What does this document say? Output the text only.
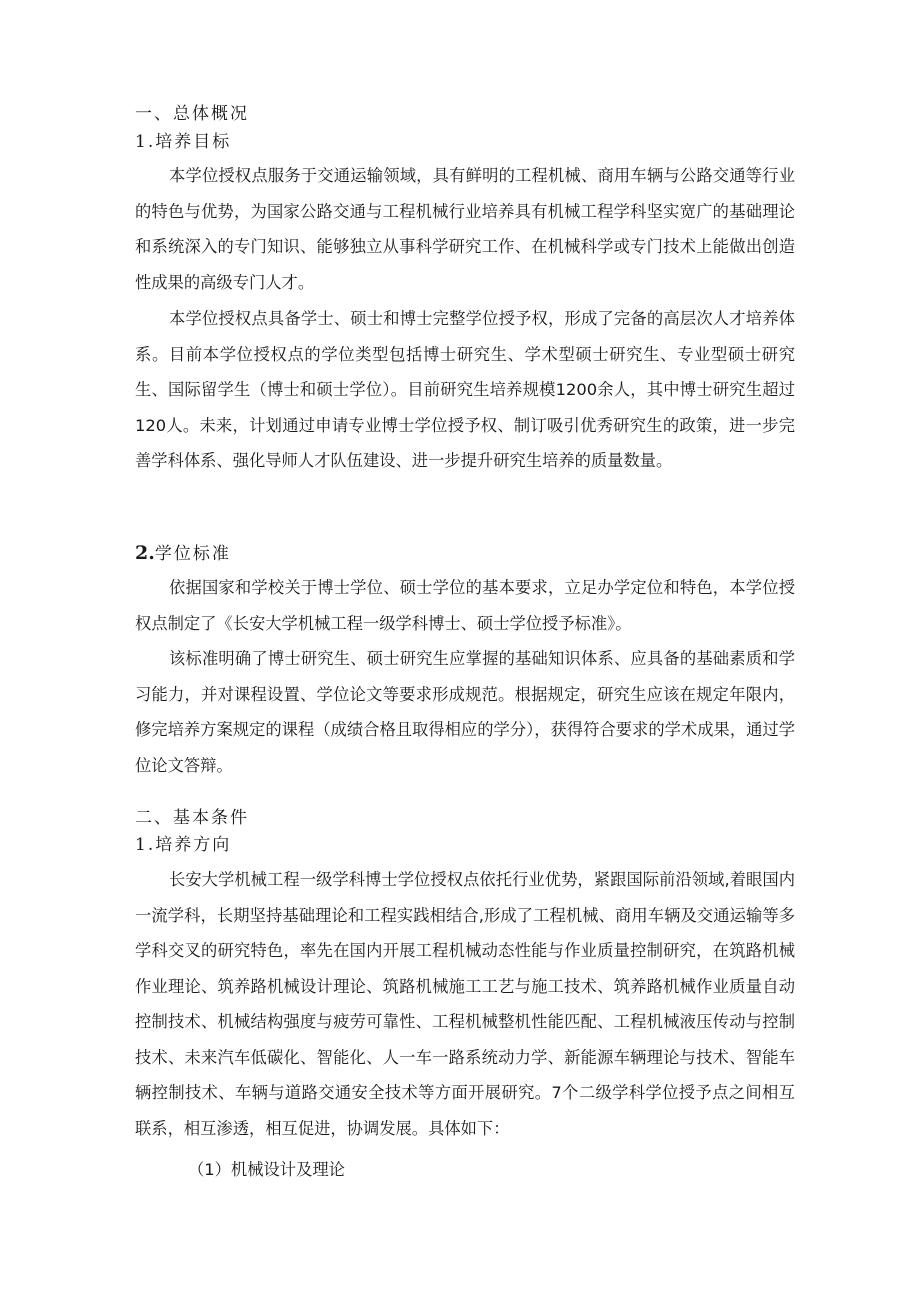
一、总体概况
1.培养目标

本学位授权点服务于交通运输领域，具有鲜明的工程机械、商用车辆与公路交通等行业的特色与优势，为国家公路交通与工程机械行业培养具有机械工程学科坚实宽广的基础理论和系统深入的专门知识、能够独立从事科学研究工作、在机械科学或专门技术上能做出创造性成果的高级专门人才。

本学位授权点具备学士、硕士和博士完整学位授予权，形成了完备的高层次人才培养体系。目前本学位授权点的学位类型包括博士研究生、学术型硕士研究生、专业型硕士研究生、国际留学生（博士和硕士学位）。目前研究生培养规模1200余人，其中博士研究生超过120人。未来，计划通过申请专业博士学位授予权、制订吸引优秀研究生的政策，进一步完善学科体系、强化导师人才队伍建设、进一步提升研究生培养的质量数量。

2.学位标准

依据国家和学校关于博士学位、硕士学位的基本要求，立足办学定位和特色，本学位授权点制定了《长安大学机械工程一级学科博士、硕士学位授予标准》。

该标准明确了博士研究生、硕士研究生应掌握的基础知识体系、应具备的基础素质和学习能力，并对课程设置、学位论文等要求形成规范。根据规定，研究生应该在规定年限内，修完培养方案规定的课程（成绩合格且取得相应的学分），获得符合要求的学术成果，通过学位论文答辩。

二、基本条件
1.培养方向

长安大学机械工程一级学科博士学位授权点依托行业优势，紧跟国际前沿领域,着眼国内一流学科，长期坚持基础理论和工程实践相结合,形成了工程机械、商用车辆及交通运输等多学科交叉的研究特色，率先在国内开展工程机械动态性能与作业质量控制研究，在筑路机械作业理论、筑养路机械设计理论、筑路机械施工工艺与施工技术、筑养路机械作业质量自动控制技术、机械结构强度与疲劳可靠性、工程机械整机性能匹配、工程机械液压传动与控制技术、未来汽车低碳化、智能化、人一车一路系统动力学、新能源车辆理论与技术、智能车辆控制技术、车辆与道路交通安全技术等方面开展研究。7个二级学科学位授予点之间相互联系，相互渗透，相互促进，协调发展。具体如下：

（1）机械设计及理论
